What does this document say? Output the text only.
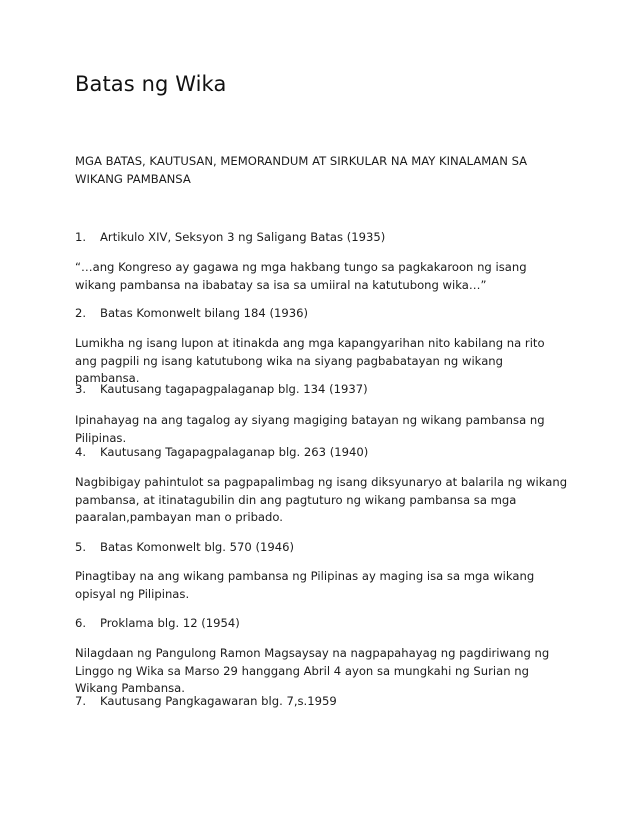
Batas ng Wika

MGA BATAS, KAUTUSAN, MEMORANDUM AT SIRKULAR NA MAY KINALAMAN SA WIKANG PAMBANSA

1. Artikulo XIV, Seksyon 3 ng Saligang Batas (1935)

“…ang Kongreso ay gagawa ng mga hakbang tungo sa pagkakaroon ng isang wikang pambansa na ibabatay sa isa sa umiiral na katutubong wika…”

2. Batas Komonwelt bilang 184 (1936)

Lumikha ng isang lupon at itinakda ang mga kapangyarihan nito kabilang na rito ang pagpili ng isang katutubong wika na siyang pagbabatayan ng wikang pambansa.

3. Kautusang tagapagpalaganap blg. 134 (1937)

Ipinahayag na ang tagalog ay siyang magiging batayan ng wikang pambansa ng Pilipinas.

4. Kautusang Tagapagpalaganap blg. 263 (1940)

Nagbibigay pahintulot sa pagpapalimbag ng isang diksyunaryo at balarila ng wikang pambansa, at itinatagubilin din ang pagtuturo ng wikang pambansa sa mga paaralan,pambayan man o pribado.

5. Batas Komonwelt blg. 570 (1946)

Pinagtibay na ang wikang pambansa ng Pilipinas ay maging isa sa mga wikang opisyal ng Pilipinas.

6. Proklama blg. 12 (1954)

Nilagdaan ng Pangulong Ramon Magsaysay na nagpapahayag ng pagdiriwang ng Linggo ng Wika sa Marso 29 hanggang Abril 4 ayon sa mungkahi ng Surian ng Wikang Pambansa.

7. Kautusang Pangkagawaran blg. 7,s.1959
